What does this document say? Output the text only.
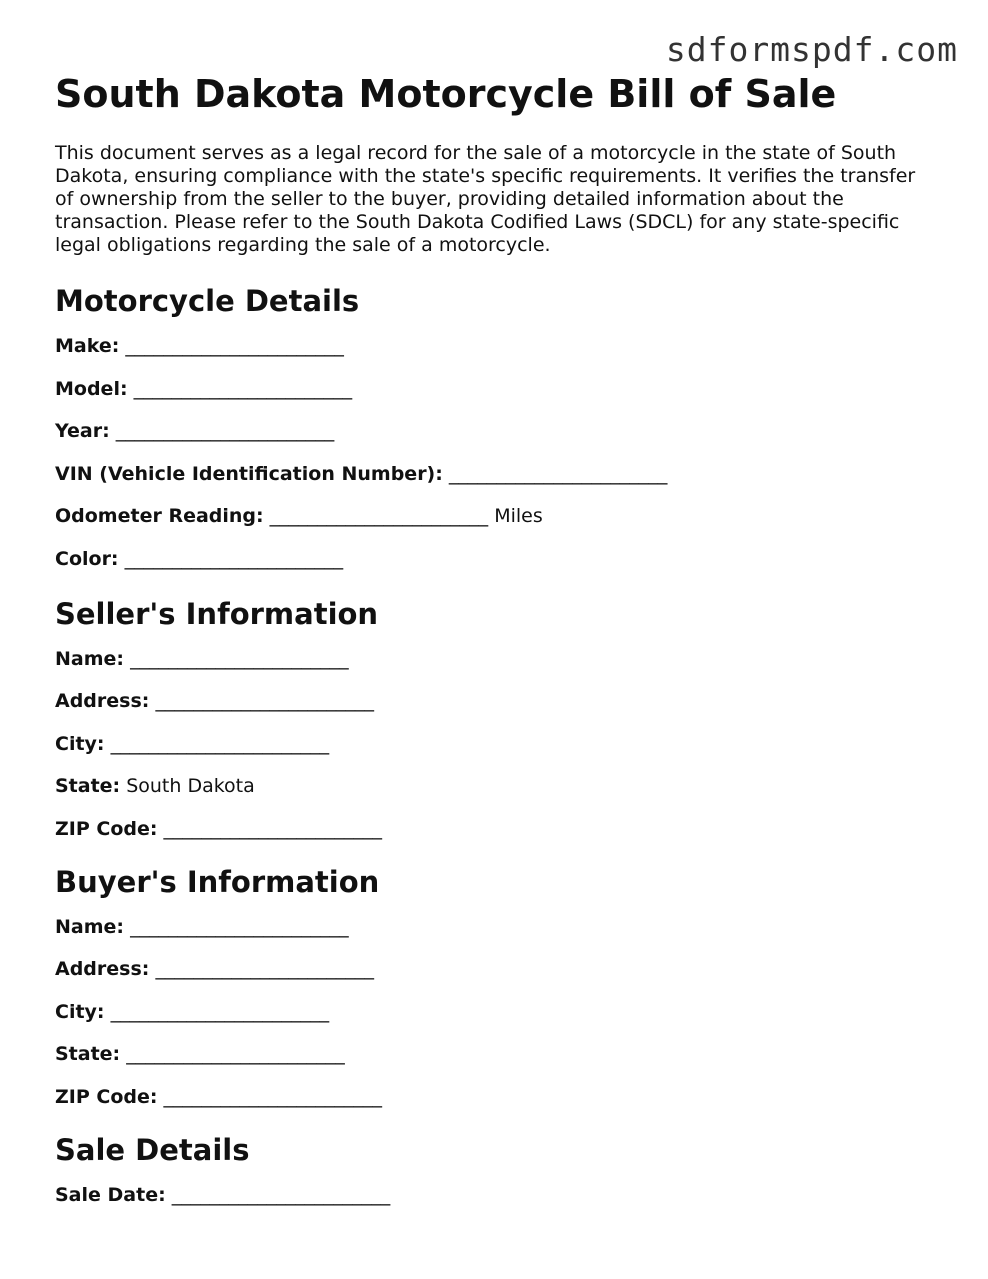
sdformspdf.com
South Dakota Motorcycle Bill of Sale

This document serves as a legal record for the sale of a motorcycle in the state of South Dakota, ensuring compliance with the state's specific requirements. It verifies the transfer of ownership from the seller to the buyer, providing detailed information about the transaction. Please refer to the South Dakota Codified Laws (SDCL) for any state-specific legal obligations regarding the sale of a motorcycle.

Motorcycle Details
Make: _______________________
Model: _______________________
Year: _______________________
VIN (Vehicle Identification Number): _______________________
Odometer Reading: _______________________ Miles
Color: _______________________
Seller's Information
Name: _______________________
Address: _______________________
City: _______________________
State: South Dakota
ZIP Code: _______________________
Buyer's Information
Name: _______________________
Address: _______________________
City: _______________________
State: _______________________
ZIP Code: _______________________
Sale Details
Sale Date: _______________________
